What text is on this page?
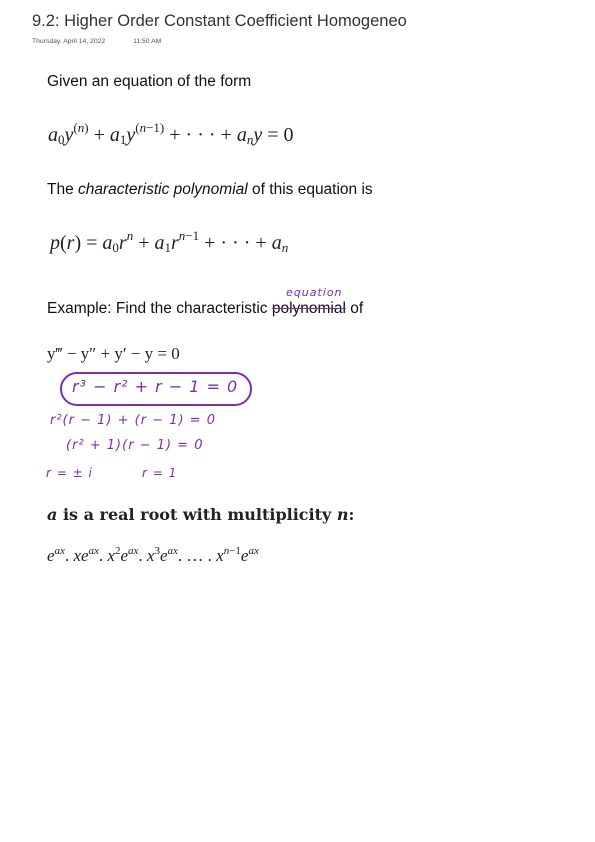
9.2: Higher Order Constant Coefficient Homogeneo
Thursday, April 14, 2022	11:50 AM
Given an equation of the form
$a_0y^{(n)} + a_1y^{(n-1)}$ + · · · + $a_ny = 0$
The characteristic polynomial of this equation is
$p(r) = a_0r^n + a_1r^{n-1}$ + · · · + $a_n$
equation
Example: Find the characteristic polynomial of
y‴ − y″ + y′ − y = 0
r³ − r² + r − 1 = 0
r²(r − 1) + (r − 1) = 0
(r² + 1)(r − 1) = 0
r = ± i	r = 1
a is a real root with multiplicity n:
$e^{ax}$. $xe^{ax}$. $x^2e^{ax}$. $x^3e^{ax}$. … . $x^{n-1}e^{ax}$
